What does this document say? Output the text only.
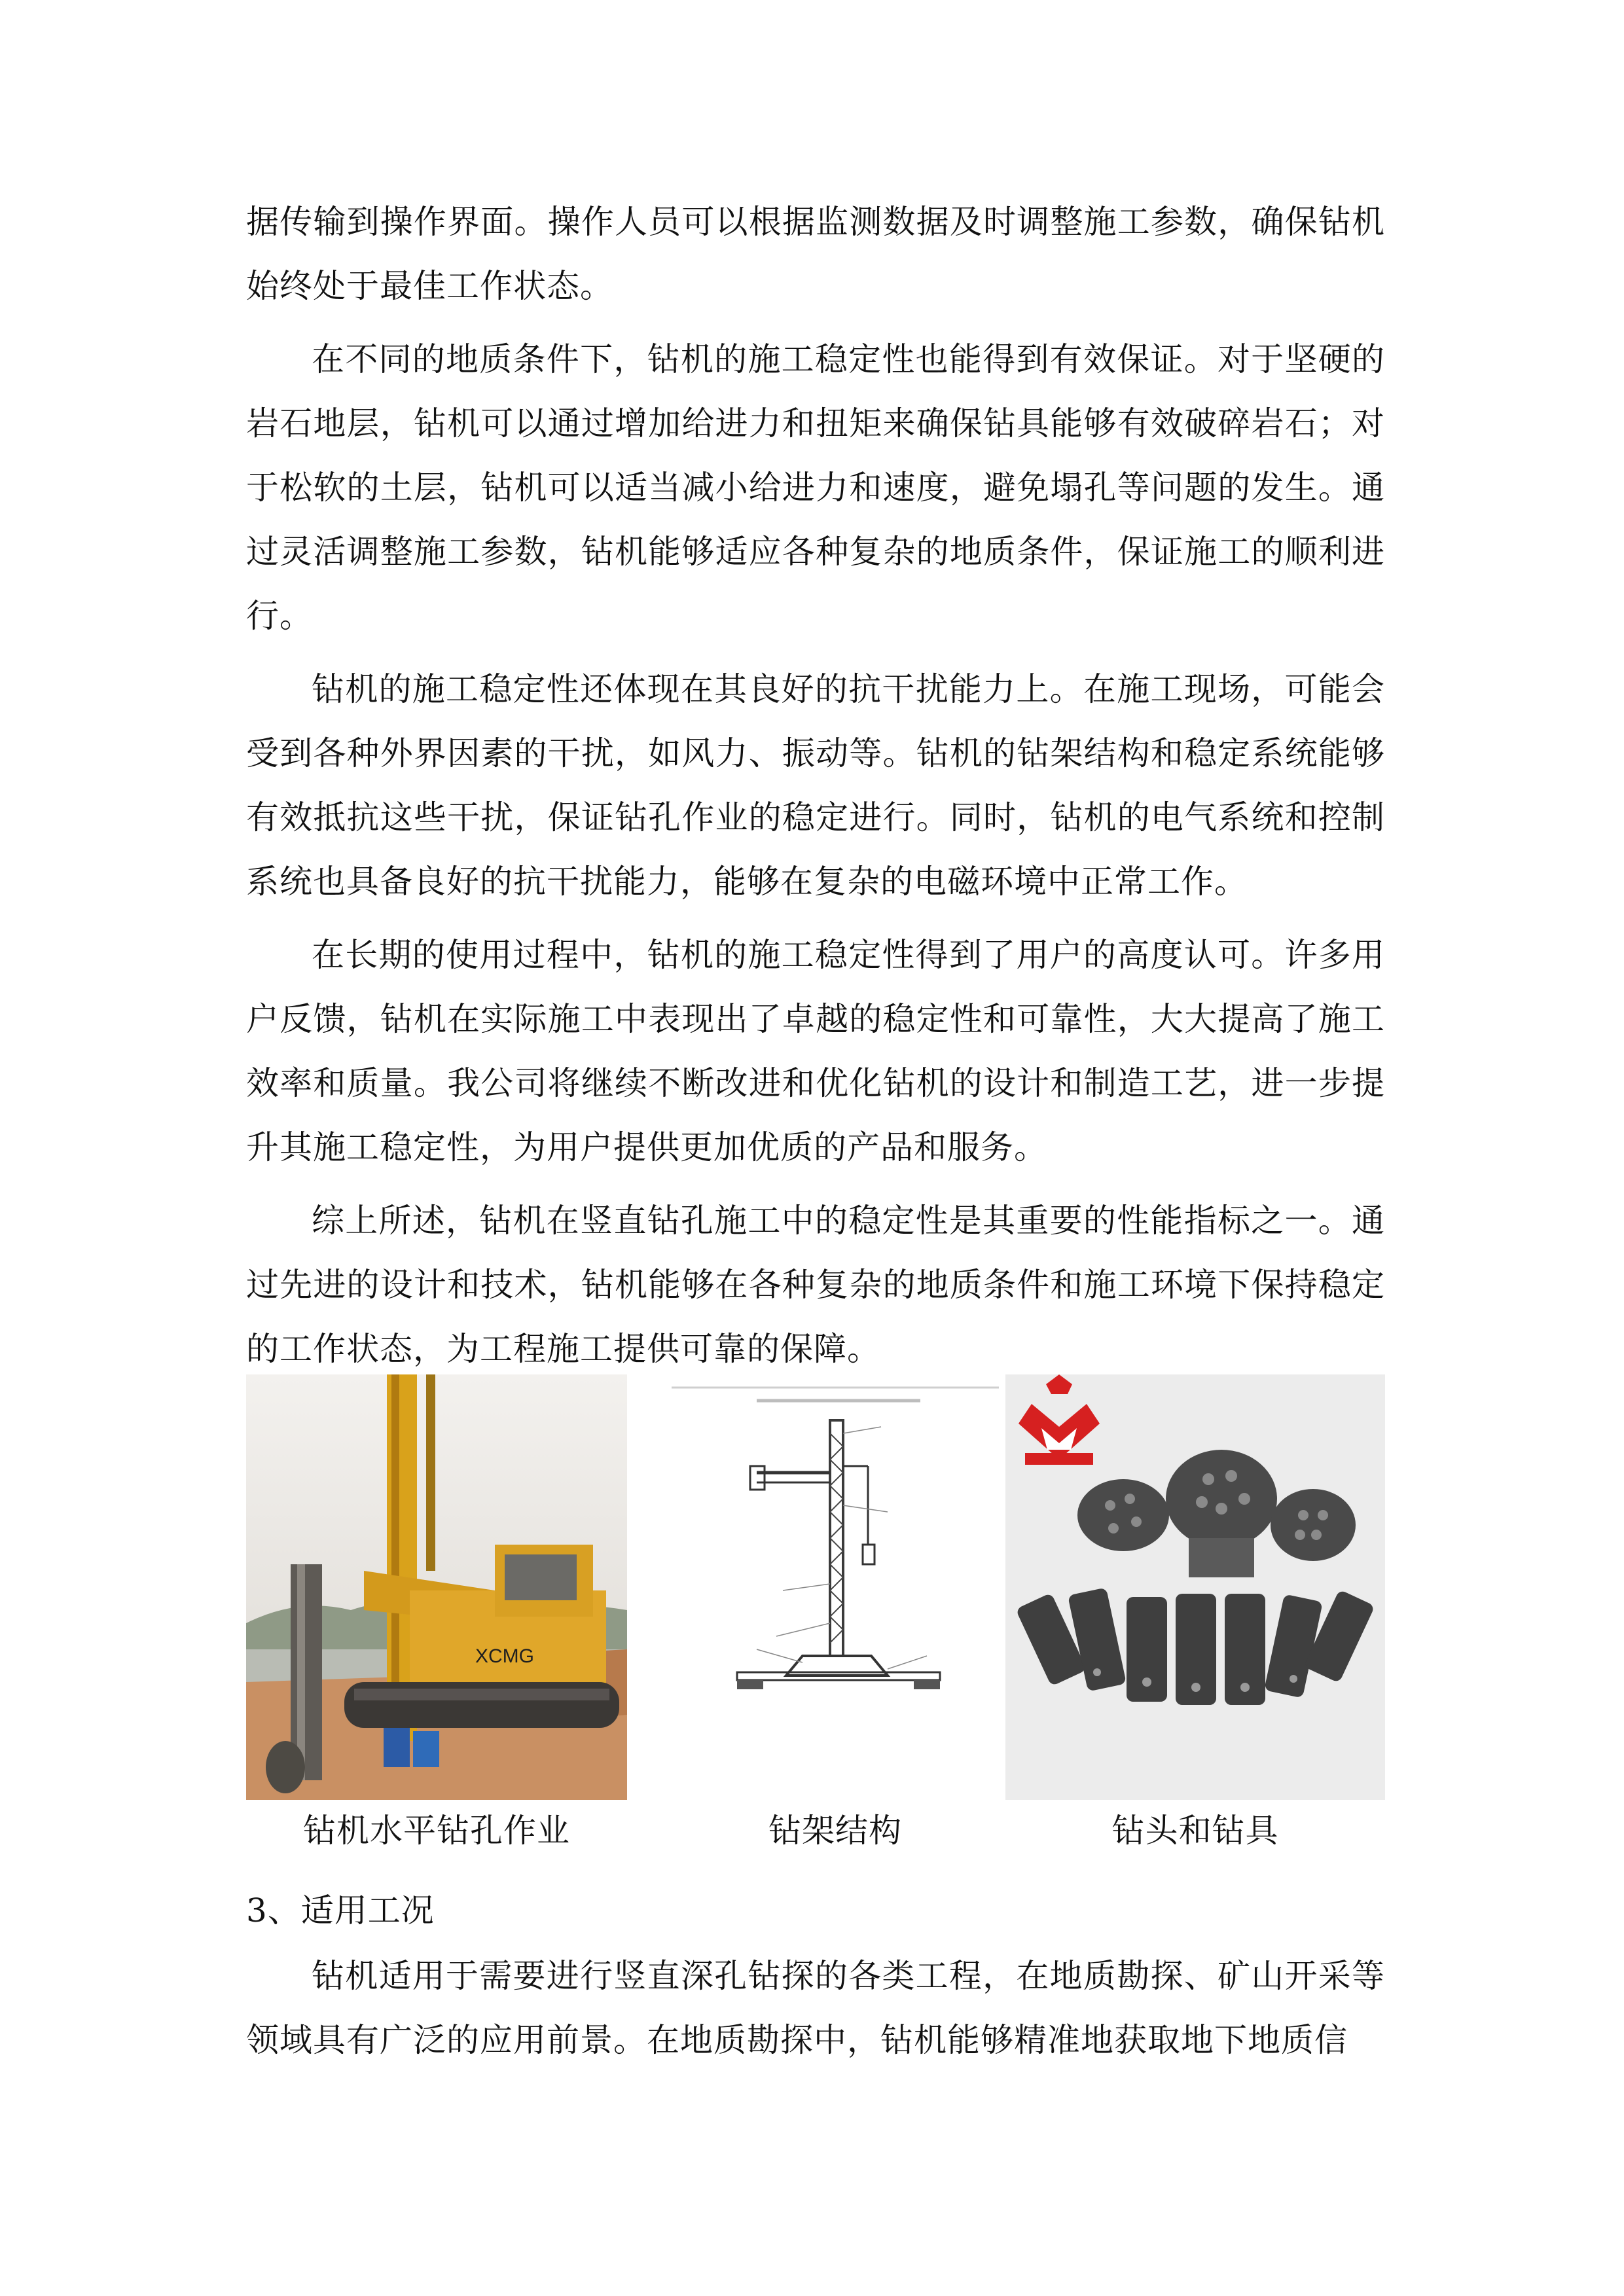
据传输到操作界面。操作人员可以根据监测数据及时调整施工参数，确保钻机始终处于最佳工作状态。

在不同的地质条件下，钻机的施工稳定性也能得到有效保证。对于坚硬的岩石地层，钻机可以通过增加给进力和扭矩来确保钻具能够有效破碎岩石；对于松软的土层，钻机可以适当减小给进力和速度，避免塌孔等问题的发生。通过灵活调整施工参数，钻机能够适应各种复杂的地质条件，保证施工的顺利进行。

钻机的施工稳定性还体现在其良好的抗干扰能力上。在施工现场，可能会受到各种外界因素的干扰，如风力、振动等。钻机的钻架结构和稳定系统能够有效抵抗这些干扰，保证钻孔作业的稳定进行。同时，钻机的电气系统和控制系统也具备良好的抗干扰能力，能够在复杂的电磁环境中正常工作。

在长期的使用过程中，钻机的施工稳定性得到了用户的高度认可。许多用户反馈，钻机在实际施工中表现出了卓越的稳定性和可靠性，大大提高了施工效率和质量。我公司将继续不断改进和优化钻机的设计和制造工艺，进一步提升其施工稳定性，为用户提供更加优质的产品和服务。

综上所述，钻机在竖直钻孔施工中的稳定性是其重要的性能指标之一。通过先进的设计和技术，钻机能够在各种复杂的地质条件和施工环境下保持稳定的工作状态，为工程施工提供可靠的保障。

XCMG
钻机水平钻孔作业	钻架结构	钻头和钻具
3、适用工况

钻机适用于需要进行竖直深孔钻探的各类工程，在地质勘探、矿山开采等领域具有广泛的应用前景。在地质勘探中，钻机能够精准地获取地下地质信
